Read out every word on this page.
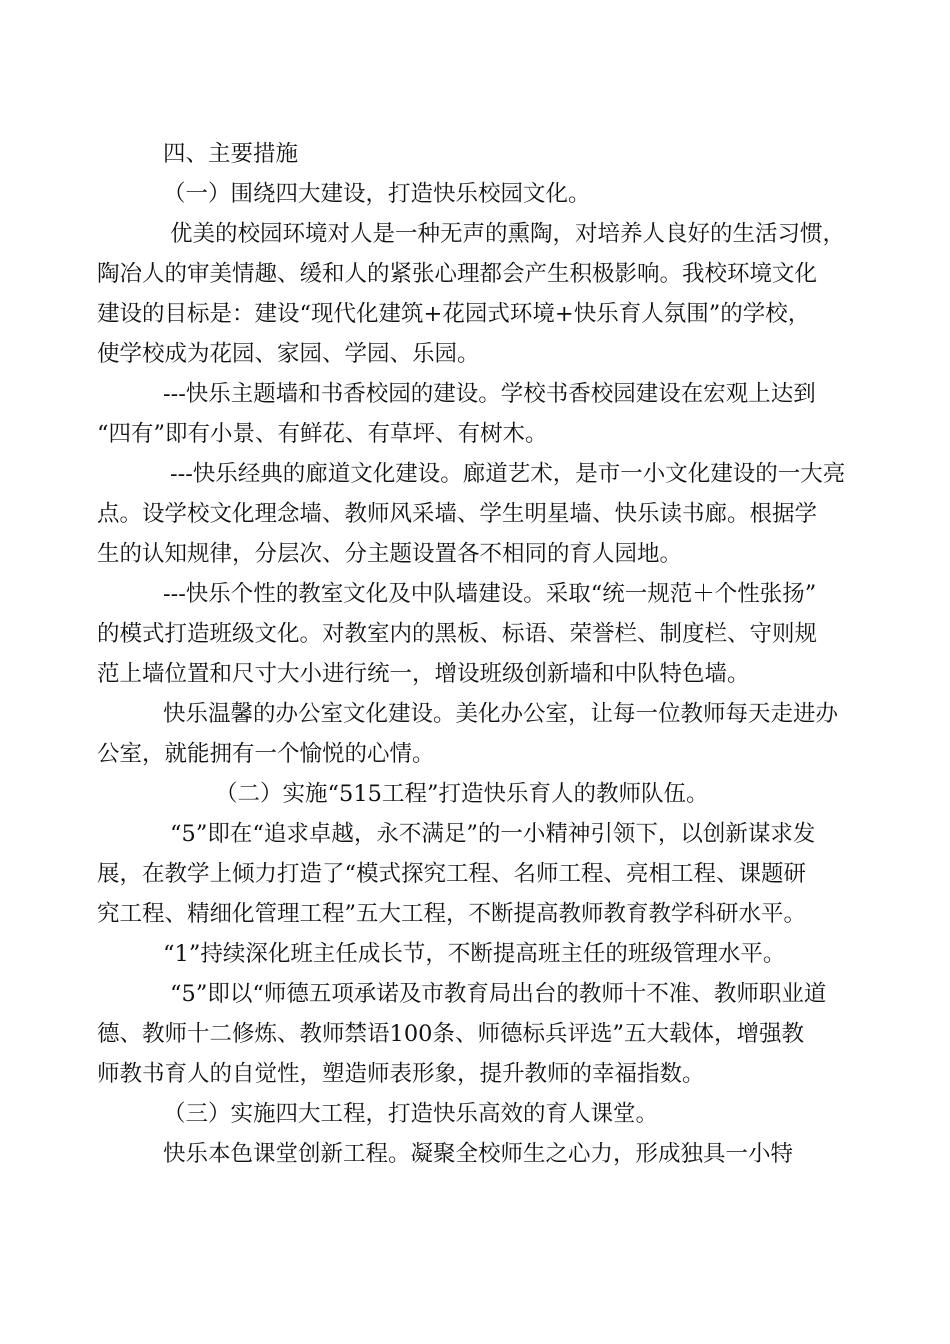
四、主要措施
（一）围绕四大建设，打造快乐校园文化。
优美的校园环境对人是一种无声的熏陶，对培养人良好的生活习惯，
陶冶人的审美情趣、缓和人的紧张心理都会产生积极影响。我校环境文化
建设的目标是：建设“现代化建筑+花园式环境+快乐育人氛围”的学校，
使学校成为花园、家园、学园、乐园。
---快乐主题墙和书香校园的建设。学校书香校园建设在宏观上达到
“四有”即有小景、有鲜花、有草坪、有树木。
---快乐经典的廊道文化建设。廊道艺术，是市一小文化建设的一大亮
点。设学校文化理念墙、教师风采墙、学生明星墙、快乐读书廊。根据学
生的认知规律，分层次、分主题设置各不相同的育人园地。
---快乐个性的教室文化及中队墙建设。采取“统一规范＋个性张扬”
的模式打造班级文化。对教室内的黑板、标语、荣誉栏、制度栏、守则规
范上墙位置和尺寸大小进行统一，增设班级创新墙和中队特色墙。
快乐温馨的办公室文化建设。美化办公室，让每一位教师每天走进办
公室，就能拥有一个愉悦的心情。
（二）实施“515工程”打造快乐育人的教师队伍。
“5”即在“追求卓越，永不满足”的一小精神引领下，以创新谋求发
展，在教学上倾力打造了“模式探究工程、名师工程、亮相工程、课题研
究工程、精细化管理工程”五大工程，不断提高教师教育教学科研水平。
“1”持续深化班主任成长节，不断提高班主任的班级管理水平。
“5”即以“师德五项承诺及市教育局出台的教师十不准、教师职业道
德、教师十二修炼、教师禁语100条、师德标兵评选”五大载体，增强教
师教书育人的自觉性，塑造师表形象，提升教师的幸福指数。
（三）实施四大工程，打造快乐高效的育人课堂。
快乐本色课堂创新工程。凝聚全校师生之心力，形成独具一小特
